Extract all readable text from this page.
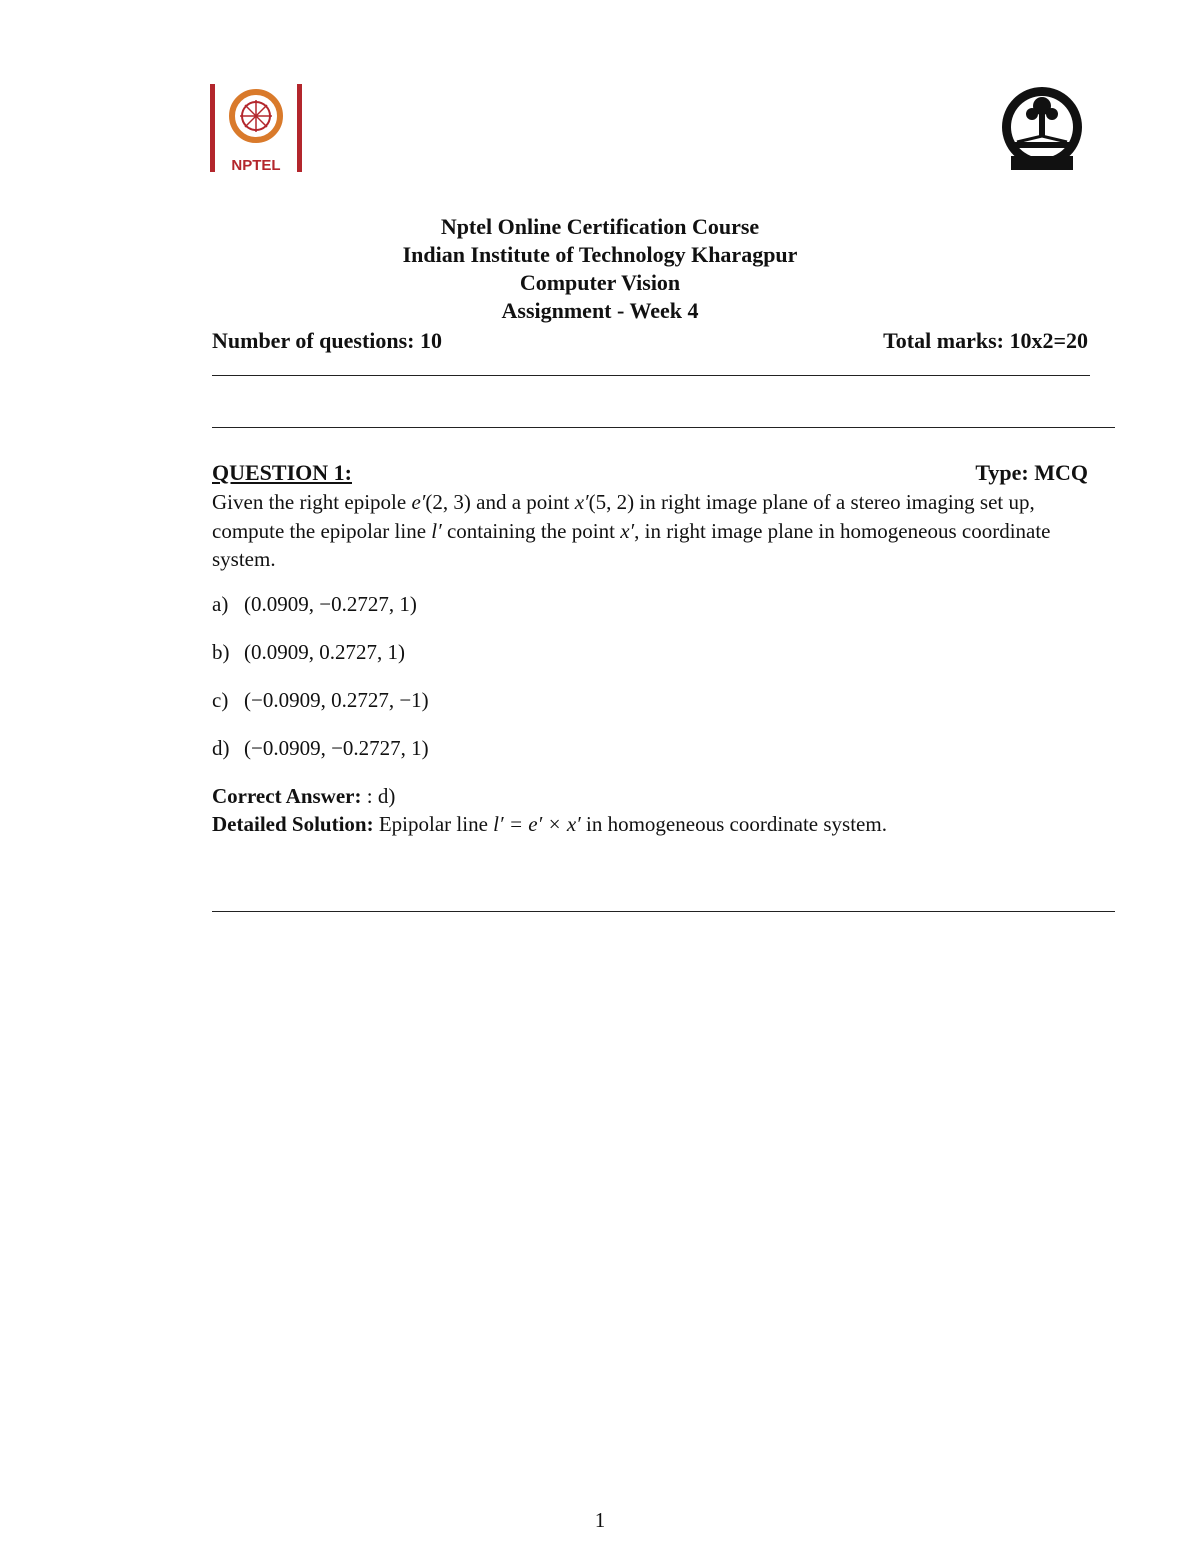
NPTEL
Nptel Online Certification Course
Indian Institute of Technology Kharagpur
Computer Vision
Assignment - Week 4
Number of questions: 10	Total marks: 10x2=20
QUESTION 1:	Type: MCQ
Given the right epipole e′(2, 3) and a point x′(5, 2) in right image plane of a stereo imaging set up, compute the epipolar line l′ containing the point x′, in right image plane in homogeneous coordinate system.
a) (0.0909, −0.2727, 1)
b) (0.0909, 0.2727, 1)
c) (−0.0909, 0.2727, −1)
d) (−0.0909, −0.2727, 1)
Correct Answer: : d)
Detailed Solution: Epipolar line l′ = e′ × x′ in homogeneous coordinate system.
1
